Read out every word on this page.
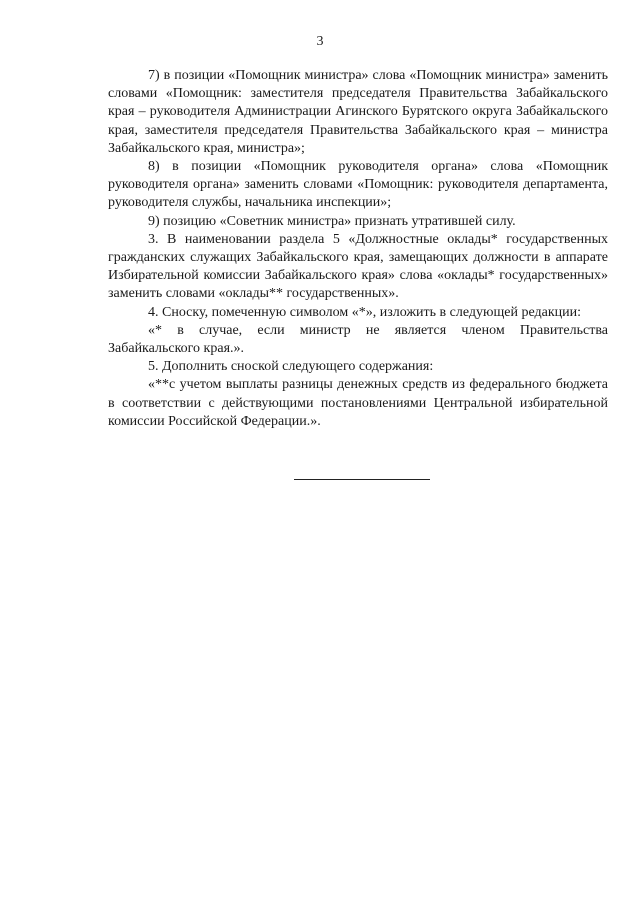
3

7) в позиции «Помощник министра» слова «Помощник министра» заменить словами «Помощник: заместителя председателя Правительства Забайкальского края – руководителя Администрации Агинского Бурятского округа Забайкальского края, заместителя председателя Правительства Забайкальского края – министра Забайкальского края, министра»;

8) в позиции «Помощник руководителя органа» слова «Помощник руководителя органа» заменить словами «Помощник: руководителя департамента, руководителя службы, начальника инспекции»;

9) позицию «Советник министра» признать утратившей силу.

3. В наименовании раздела 5 «Должностные оклады* государственных гражданских служащих Забайкальского края, замещающих должности в аппарате Избирательной комиссии Забайкальского края» слова «оклады* государственных» заменить словами «оклады** государственных».

4. Сноску, помеченную символом «*», изложить в следующей редакции:

«* в случае, если министр не является членом Правительства Забайкальского края.».

5. Дополнить сноской следующего содержания:

«**с учетом выплаты разницы денежных средств из федерального бюджета в соответствии с действующими постановлениями Центральной избирательной комиссии Российской Федерации.».
